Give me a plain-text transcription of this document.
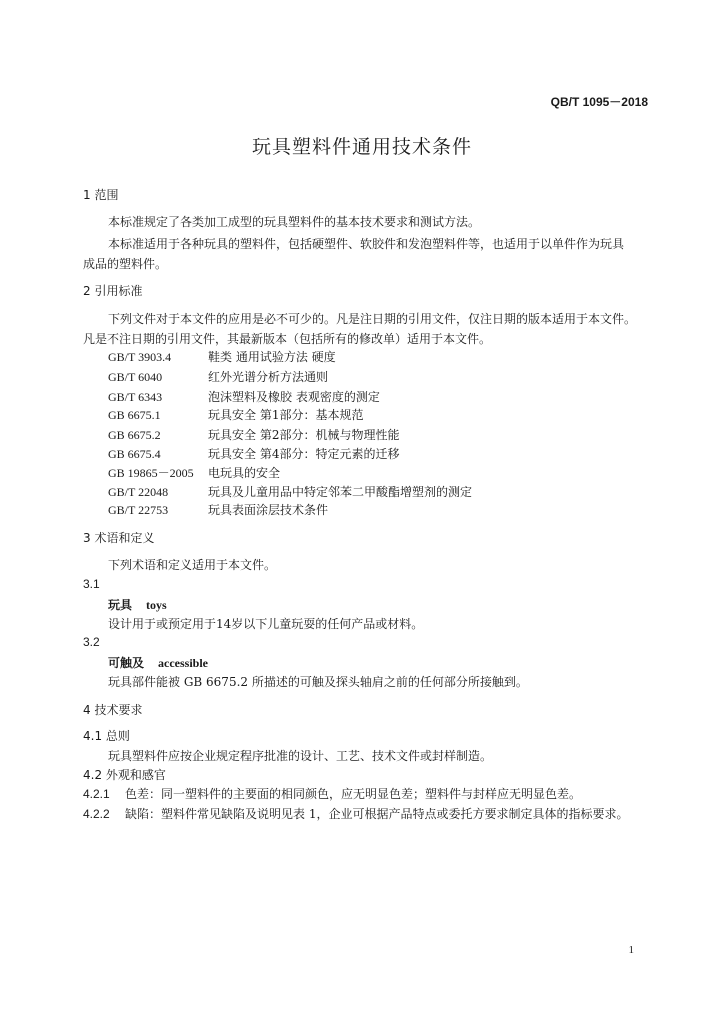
QB/T 1095－2018
玩具塑料件通用技术条件
1 范围
本标准规定了各类加工成型的玩具塑料件的基本技术要求和测试方法。
本标准适用于各种玩具的塑料件，包括硬塑件、软胶件和发泡塑料件等，也适用于以单件作为玩具
成品的塑料件。
2 引用标准
下列文件对于本文件的应用是必不可少的。凡是注日期的引用文件，仅注日期的版本适用于本文件。
凡是不注日期的引用文件，其最新版本（包括所有的修改单）适用于本文件。
GB/T 3903.4	鞋类 通用试验方法 硬度
GB/T 6040	红外光谱分析方法通则
GB/T 6343	泡沫塑料及橡胶 表观密度的测定
GB 6675.1	玩具安全 第1部分：基本规范
GB 6675.2	玩具安全 第2部分：机械与物理性能
GB 6675.4	玩具安全 第4部分：特定元素的迁移
GB 19865－2005 电玩具的安全
GB/T 22048	玩具及儿童用品中特定邻苯二甲酸酯增塑剂的测定
GB/T 22753	玩具表面涂层技术条件
3 术语和定义
下列术语和定义适用于本文件。
3.1
玩具 toys
设计用于或预定用于14岁以下儿童玩耍的任何产品或材料。
3.2
可触及 accessible
玩具部件能被 GB 6675.2 所描述的可触及探头轴肩之前的任何部分所接触到。
4 技术要求
4.1 总则
玩具塑料件应按企业规定程序批准的设计、工艺、技术文件或封样制造。
4.2 外观和感官
4.2.1 色差：同一塑料件的主要面的相同颜色，应无明显色差；塑料件与封样应无明显色差。
4.2.2 缺陷：塑料件常见缺陷及说明见表 1，企业可根据产品特点或委托方要求制定具体的指标要求。
1
